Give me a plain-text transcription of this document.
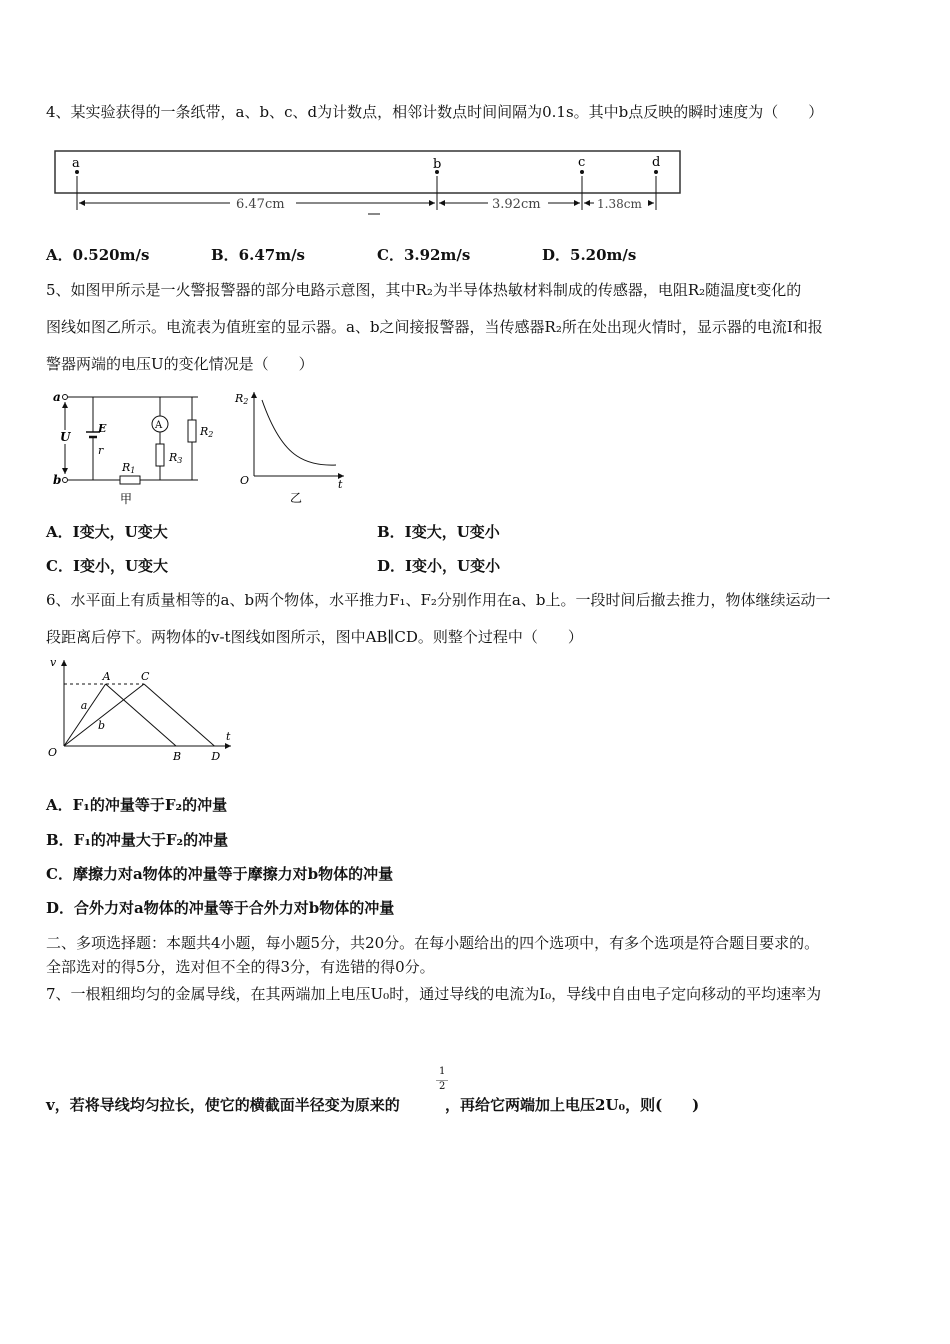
4、某实验获得的一条纸带，a、b、c、d为计数点，相邻计数点时间间隔为0.1s。其中b点反映的瞬时速度为（　　）
a	b	c	d
6.47cm	3.92cm	1.38cm
A．0.520m/s	B．6.47m/s	C．3.92m/s	D．5.20m/s
5、如图甲所示是一火警报警器的部分电路示意图，其中R₂为半导体热敏材料制成的传感器，电阻R₂随温度t变化的
图线如图乙所示。电流表为值班室的显示器。a、b之间接报警器，当传感器R₂所在处出现火情时，显示器的电流I和报
警器两端的电压U的变化情况是（　　）
a
b
U
E
r
R1
A
R3
R2
甲
R2
t
O
乙
A．I变大，U变大	B．I变大，U变小
C．I变小，U变大	D．I变小，U变小
6、水平面上有质量相等的a、b两个物体，水平推力F₁、F₂分别作用在a、b上。一段时间后撤去推力，物体继续运动一
段距离后停下。两物体的v-t图线如图所示，图中AB∥CD。则整个过程中（　　）
v
t
O
a
A
B
b
C
D
A．F₁的冲量等于F₂的冲量
B．F₁的冲量大于F₂的冲量
C．摩擦力对a物体的冲量等于摩擦力对b物体的冲量
D．合外力对a物体的冲量等于合外力对b物体的冲量
二、多项选择题：本题共4小题，每小题5分，共20分。在每小题给出的四个选项中，有多个选项是符合题目要求的。
全部选对的得5分，选对但不全的得3分，有选错的得0分。
7、一根粗细均匀的金属导线，在其两端加上电压U₀时，通过导线的电流为I₀，导线中自由电子定向移动的平均速率为
1
2
v，若将导线均匀拉长，使它的横截面半径变为原来的	，再给它两端加上电压2U₀，则(　　)
